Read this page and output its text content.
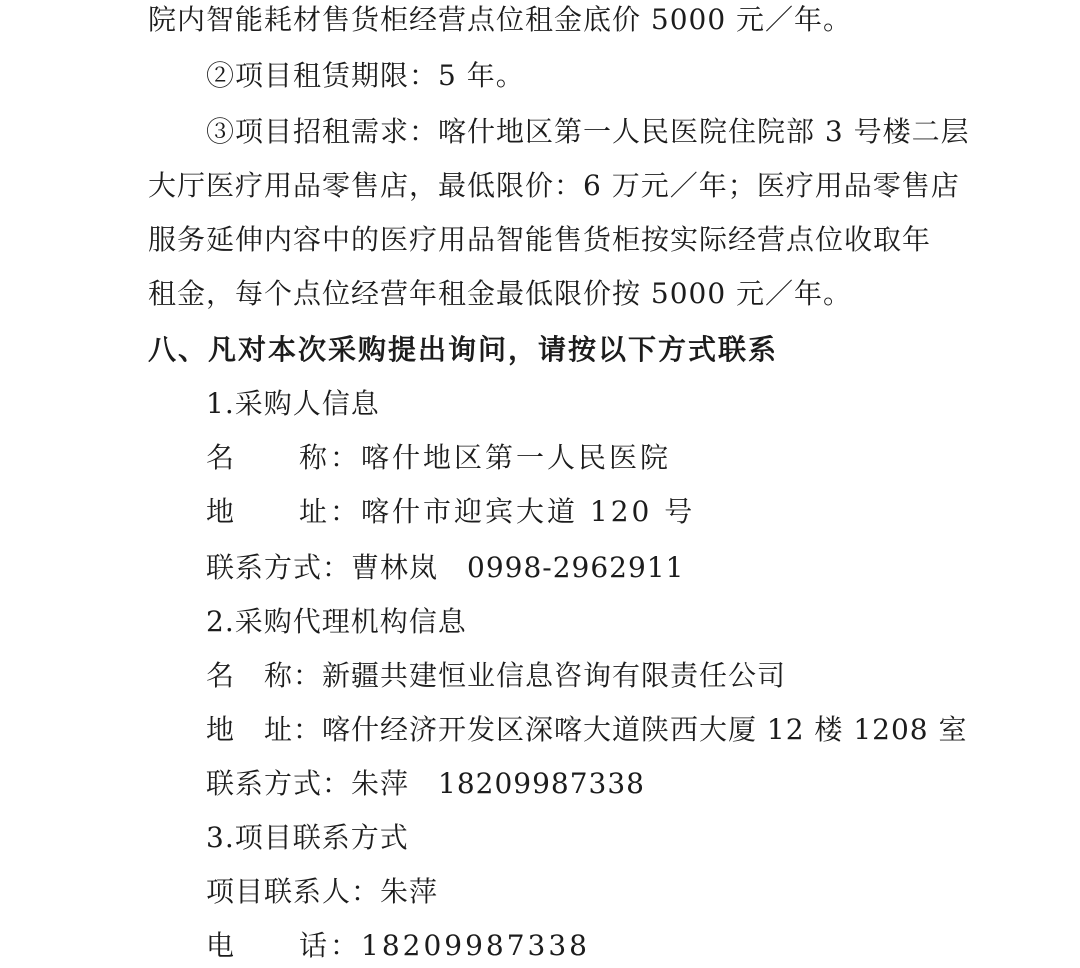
院内智能耗材售货柜经营点位租金底价 5000 元／年。
②项目租赁期限：5 年。
③项目招租需求：喀什地区第一人民医院住院部 3 号楼二层
大厅医疗用品零售店，最低限价：6 万元／年；医疗用品零售店
服务延伸内容中的医疗用品智能售货柜按实际经营点位收取年
租金，每个点位经营年租金最低限价按 5000 元／年。
八、凡对本次采购提出询问，请按以下方式联系
1.采购人信息
名　　称：喀什地区第一人民医院
地　　址：喀什市迎宾大道 120 号
联系方式：曹林岚　0998-2962911
2.采购代理机构信息
名　称：新疆共建恒业信息咨询有限责任公司
地　址：喀什经济开发区深喀大道陕西大厦 12 楼 1208 室
联系方式：朱萍　18209987338
3.项目联系方式
项目联系人：朱萍
电　　话：18209987338
